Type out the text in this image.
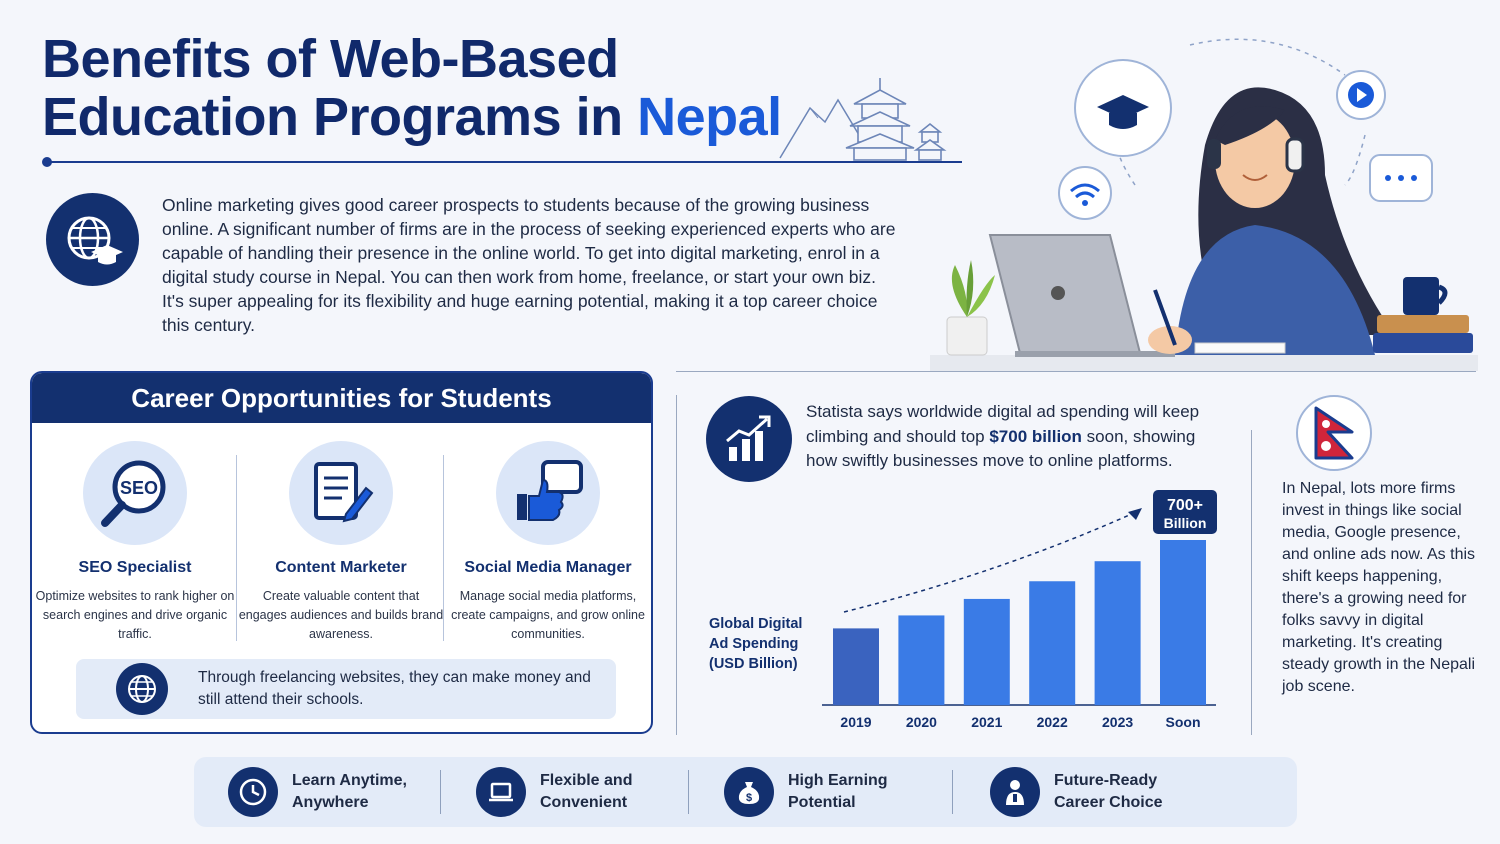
Benefits of Web-Based
Education Programs in Nepal
Online marketing gives good career prospects to students because of the growing business online. A significant number of firms are in the process of seeking experienced experts who are capable of handling their presence in the online world. To get into digital marketing, enrol in a digital study course in Nepal. You can then work from home, freelance, or start your own biz. It's super appealing for its flexibility and huge earning potential, making it a top career choice this century.
Career Opportunities for Students
SEO
SEO Specialist
Optimize websites to rank higher on search engines and drive organic traffic.
Content Marketer
Create valuable content that engages audiences and builds brand awareness.
Social Media Manager
Manage social media platforms, create campaigns, and grow online communities.
Through freelancing websites, they can make money and still attend their schools.
Statista says worldwide digital ad spending will keep climbing and should top $700 billion soon, showing how swiftly businesses move to online platforms.
Global Digital Ad Spending (USD Billion)
700+
Billion
2019 2020 2021 2022 2023 Soon
In Nepal, lots more firms invest in things like social media, Google presence, and online ads now. As this shift keeps happening, there's a growing need for folks savvy in digital marketing. It's creating steady growth in the Nepali job scene.
Learn Anytime, Anywhere
Flexible and Convenient	$
High Earning Potential
Future-Ready Career Choice
